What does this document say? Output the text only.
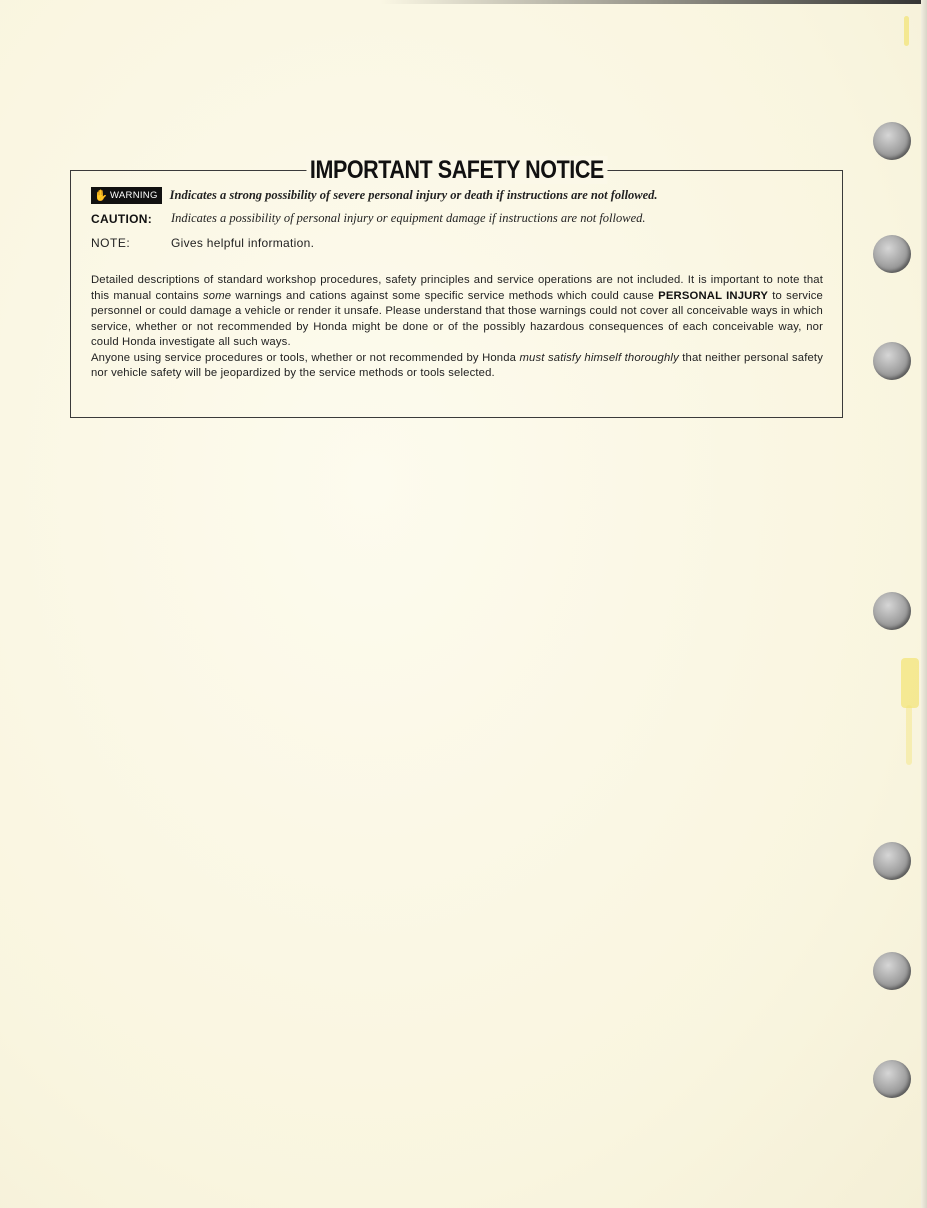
IMPORTANT SAFETY NOTICE
✋ WARNING Indicates a strong possibility of severe personal injury or death if instructions are not followed.
CAUTION:	Indicates a possibility of personal injury or equipment damage if instructions are not followed.
NOTE:	Gives helpful information.

Detailed descriptions of standard workshop procedures, safety principles and service operations are not included. It is important to note that this manual contains some warnings and cations against some specific service methods which could cause PERSONAL INJURY to service personnel or could damage a vehicle or render it unsafe. Please understand that those warnings could not cover all conceivable ways in which service, whether or not recommended by Honda might be done or of the possibly hazardous consequences of each conceivable way, nor could Honda investigate all such ways.

Anyone using service procedures or tools, whether or not recommended by Honda must satisfy himself thoroughly that neither personal safety nor vehicle safety will be jeopardized by the service methods or tools selected.
